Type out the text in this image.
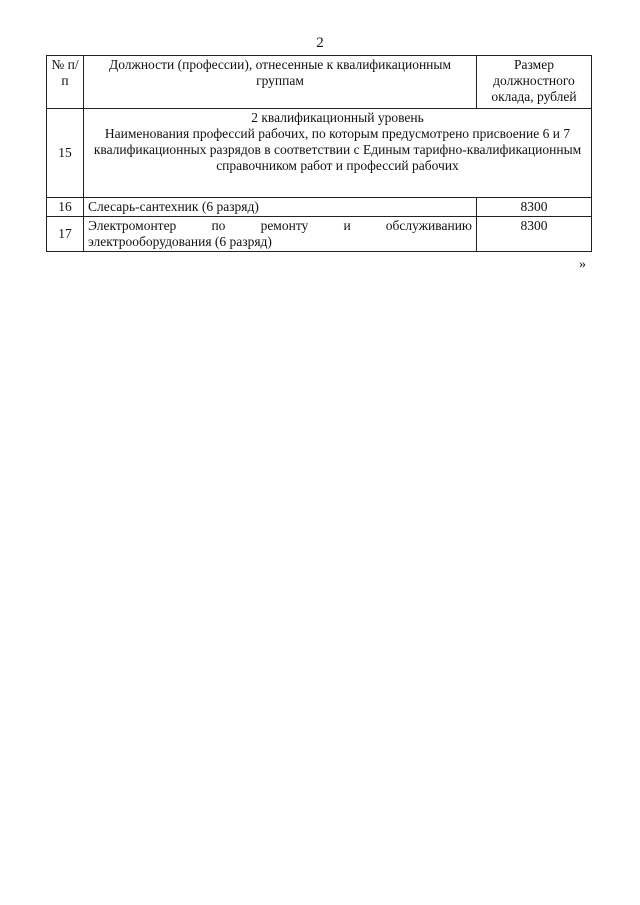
2
№ п/п	Должности (профессии), отнесенные к квалификационным группам	Размер должностного оклада, рублей
15	2 квалификационный уровень
Наименования профессий рабочих, по которым предусмотрено присвоение 6 и 7 квалификационных разрядов в соответствии с Единым тарифно-квалификационным справочником работ и профессий рабочих	

16	Слесарь-сантехник (6 разряд)	8300
17	Электромонтер по ремонту и обслуживанию
электрооборудования (6 разряд)	8300
»
